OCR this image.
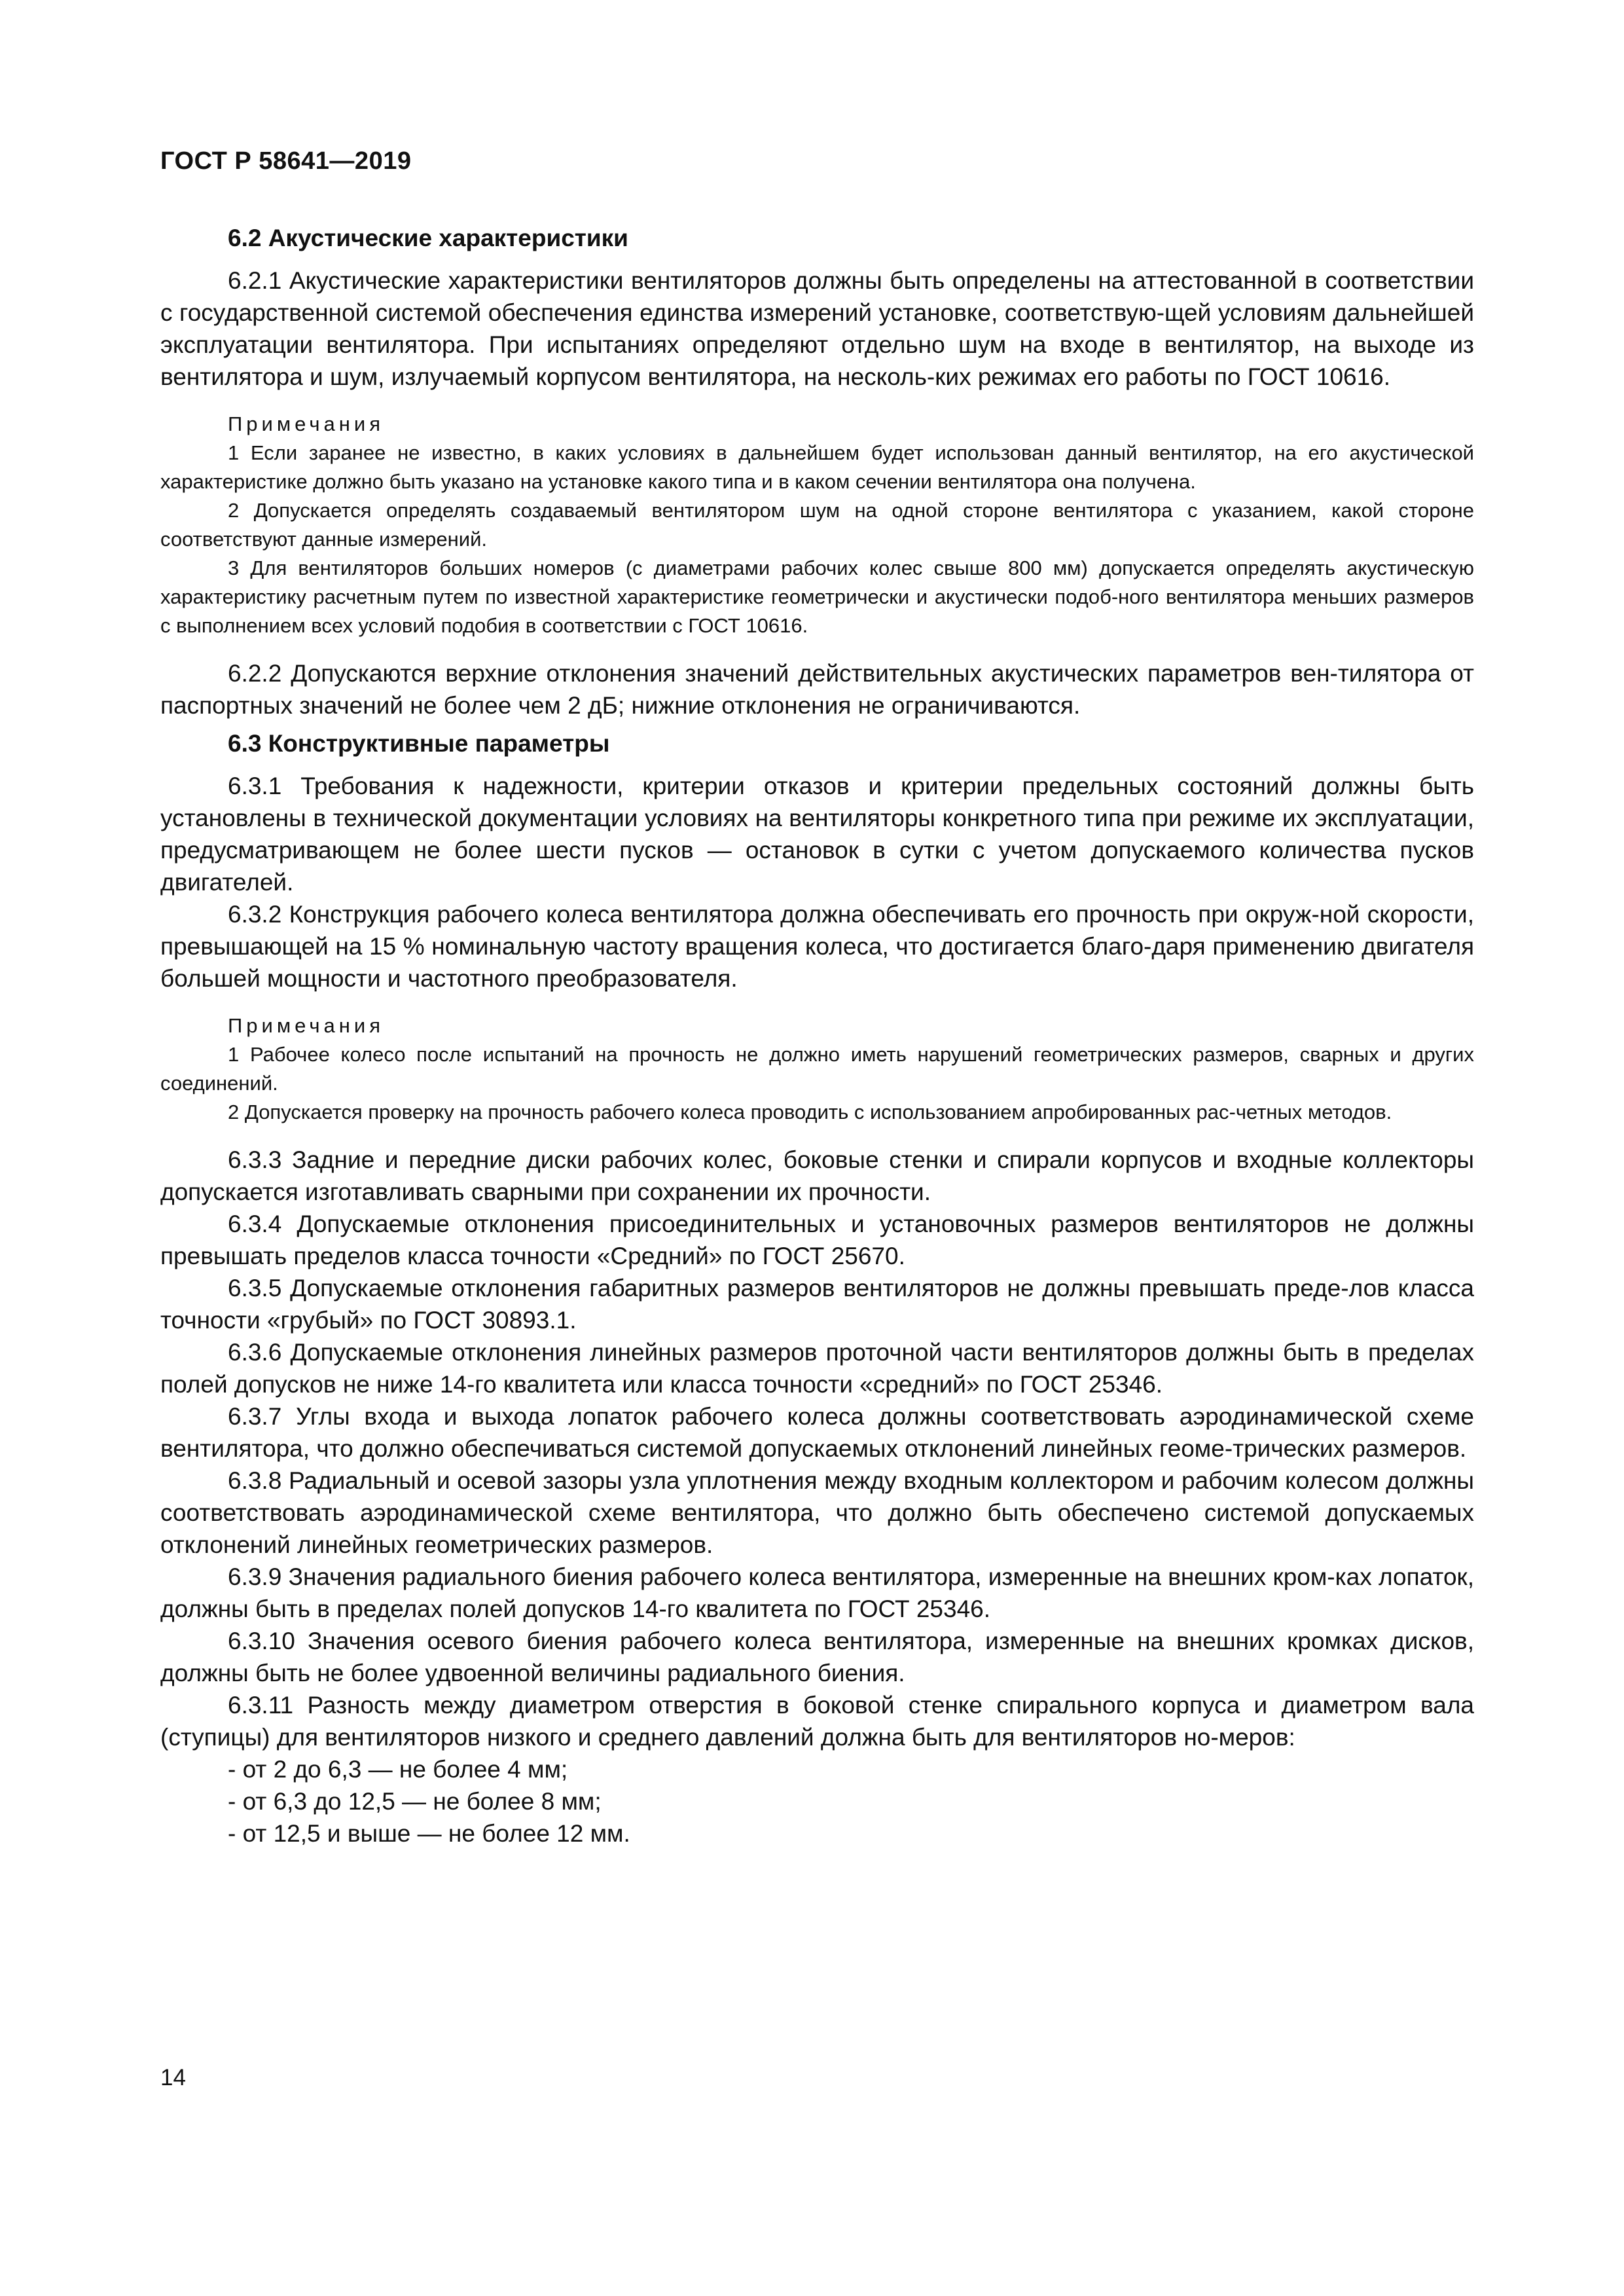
ГОСТ Р 58641—2019
6.2 Акустические характеристики

6.2.1 Акустические характеристики вентиляторов должны быть определены на аттестованной в соответствии с государственной системой обеспечения единства измерений установке, соответствую-щей условиям дальнейшей эксплуатации вентилятора. При испытаниях определяют отдельно шум на входе в вентилятор, на выходе из вентилятора и шум, излучаемый корпусом вентилятора, на несколь-ких режимах его работы по ГОСТ 10616.

Примечания

1 Если заранее не известно, в каких условиях в дальнейшем будет использован данный вентилятор, на его акустической характеристике должно быть указано на установке какого типа и в каком сечении вентилятора она получена.

2 Допускается определять создаваемый вентилятором шум на одной стороне вентилятора с указанием, какой стороне соответствуют данные измерений.

3 Для вентиляторов больших номеров (с диаметрами рабочих колес свыше 800 мм) допускается определять акустическую характеристику расчетным путем по известной характеристике геометрически и акустически подоб-ного вентилятора меньших размеров с выполнением всех условий подобия в соответствии с ГОСТ 10616.

6.2.2 Допускаются верхние отклонения значений действительных акустических параметров вен-тилятора от паспортных значений не более чем 2 дБ; нижние отклонения не ограничиваются.

6.3 Конструктивные параметры

6.3.1 Требования к надежности, критерии отказов и критерии предельных состояний должны быть установлены в технической документации условиях на вентиляторы конкретного типа при режиме их эксплуатации, предусматривающем не более шести пусков — остановок в сутки с учетом допускаемого количества пусков двигателей.

6.3.2 Конструкция рабочего колеса вентилятора должна обеспечивать его прочность при окруж-ной скорости, превышающей на 15 % номинальную частоту вращения колеса, что достигается благо-даря применению двигателя большей мощности и частотного преобразователя.

Примечания

1 Рабочее колесо после испытаний на прочность не должно иметь нарушений геометрических размеров, сварных и других соединений.

2 Допускается проверку на прочность рабочего колеса проводить с использованием апробированных рас-четных методов.

6.3.3 Задние и передние диски рабочих колес, боковые стенки и спирали корпусов и входные коллекторы допускается изготавливать сварными при сохранении их прочности.

6.3.4 Допускаемые отклонения присоединительных и установочных размеров вентиляторов не должны превышать пределов класса точности «Средний» по ГОСТ 25670.

6.3.5 Допускаемые отклонения габаритных размеров вентиляторов не должны превышать преде-лов класса точности «грубый» по ГОСТ 30893.1.

6.3.6 Допускаемые отклонения линейных размеров проточной части вентиляторов должны быть в пределах полей допусков не ниже 14-го квалитета или класса точности «средний» по ГОСТ 25346.

6.3.7 Углы входа и выхода лопаток рабочего колеса должны соответствовать аэродинамической схеме вентилятора, что должно обеспечиваться системой допускаемых отклонений линейных геоме-трических размеров.

6.3.8 Радиальный и осевой зазоры узла уплотнения между входным коллектором и рабочим колесом должны соответствовать аэродинамической схеме вентилятора, что должно быть обеспечено системой допускаемых отклонений линейных геометрических размеров.

6.3.9 Значения радиального биения рабочего колеса вентилятора, измеренные на внешних кром-ках лопаток, должны быть в пределах полей допусков 14-го квалитета по ГОСТ 25346.

6.3.10 Значения осевого биения рабочего колеса вентилятора, измеренные на внешних кромках дисков, должны быть не более удвоенной величины радиального биения.

6.3.11 Разность между диаметром отверстия в боковой стенке спирального корпуса и диаметром вала (ступицы) для вентиляторов низкого и среднего давлений должна быть для вентиляторов но-меров:

- от 2 до 6,3 — не более 4 мм;
- от 6,3 до 12,5 — не более 8 мм;
- от 12,5 и выше — не более 12 мм.
14
